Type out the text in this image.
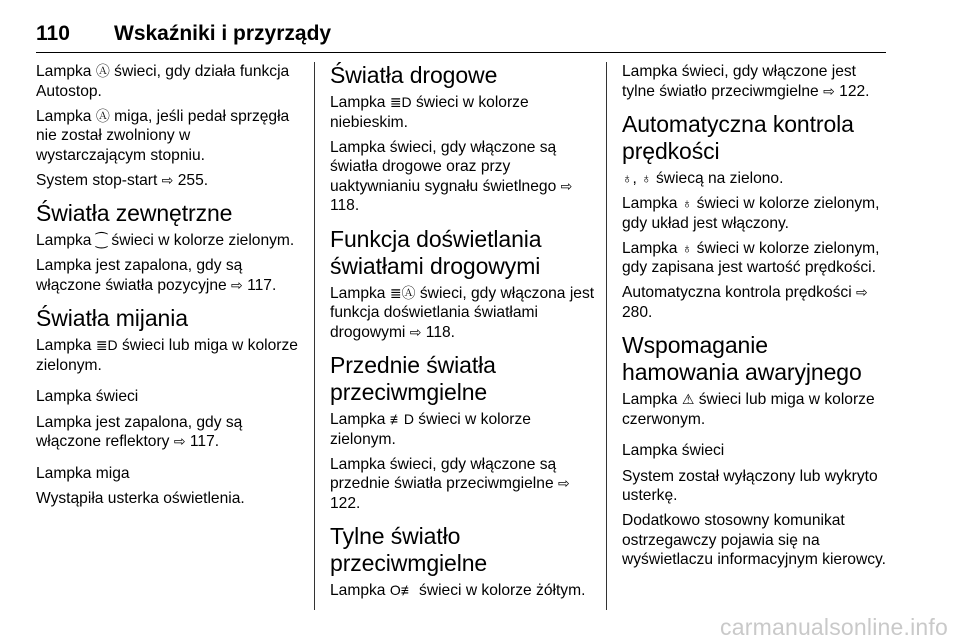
110 Wskaźniki i przyrządy

Lampka Ⓐ świeci, gdy działa funkcja Autostop.

Lampka Ⓐ miga, jeśli pedał sprzęgła nie został zwolniony w wystarczającym stopniu.

System stop-start ⇨ 255.

Światła zewnętrzne

Lampka ⁐ świeci w kolorze zielonym.

Lampka jest zapalona, gdy są włączone światła pozycyjne ⇨ 117.

Światła mijania

Lampka ≣D świeci lub miga w kolorze zielonym.

Lampka świeci

Lampka jest zapalona, gdy są włączone reflektory ⇨ 117.

Lampka miga

Wystąpiła usterka oświetlenia.

Światła drogowe

Lampka ≣D świeci w kolorze niebieskim.

Lampka świeci, gdy włączone są światła drogowe oraz przy uaktywnianiu sygnału świetlnego ⇨ 118.

Funkcja doświetlania światłami drogowymi

Lampka ≣Ⓐ świeci, gdy włączona jest funkcja doświetlania światłami drogowymi ⇨ 118.

Przednie światła przeciwmgielne

Lampka ≢D świeci w kolorze zielonym.

Lampka świeci, gdy włączone są przednie światła przeciwmgielne ⇨ 122.

Tylne światło przeciwmgielne

Lampka O≢ świeci w kolorze żółtym.

Lampka świeci, gdy włączone jest tylne światło przeciwmgielne ⇨ 122.

Automatyczna kontrola prędkości

♁, ♁ świecą na zielono.

Lampka ♁ świeci w kolorze zielonym, gdy układ jest włączony.

Lampka ♁ świeci w kolorze zielonym, gdy zapisana jest wartość prędkości.

Automatyczna kontrola prędkości ⇨ 280.

Wspomaganie hamowania awaryjnego

Lampka ⚠ świeci lub miga w kolorze czerwonym.

Lampka świeci

System został wyłączony lub wykryto usterkę.

Dodatkowo stosowny komunikat ostrzegawczy pojawia się na wyświetlaczu informacyjnym kierowcy.

carmanualsonline.info
